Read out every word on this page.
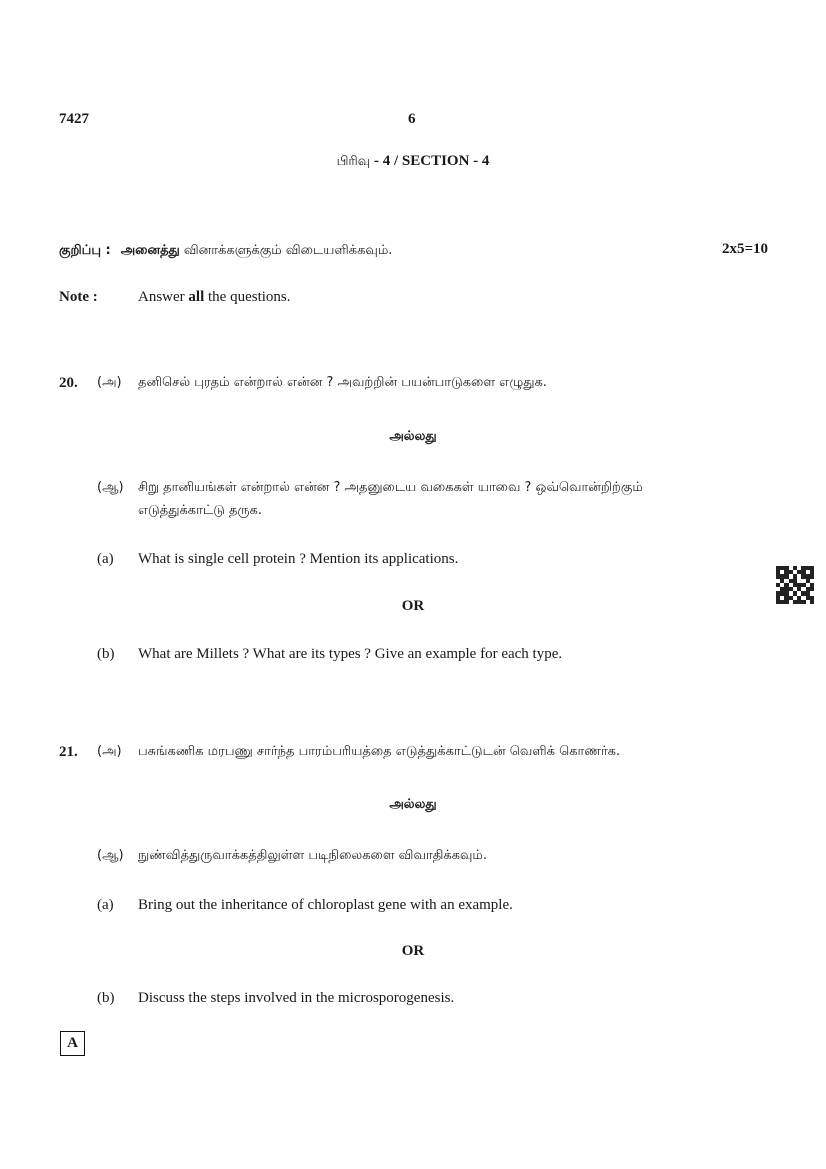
7427	6
பிரிவு - 4 / SECTION - 4
குறிப்பு : அனைத்து வினாக்களுக்கும் விடையளிக்கவும்.	2x5=10
Note :	Answer all the questions.
20. (அ) தனிசெல் புரதம் என்றால் என்ன ? அவற்றின் பயன்பாடுகளை எழுதுக.
அல்லது
(ஆ) சிறு தானியங்கள் என்றால் என்ன ? அதனுடைய வகைகள் யாவை ? ஒவ்வொன்றிற்கும்
எடுத்துக்காட்டு தருக.
(a) What is single cell protein ? Mention its applications.
OR
(b) What are Millets ? What are its types ? Give an example for each type.
21. (அ) பசுங்கணிக மரபணு சார்ந்த பாரம்பரியத்தை எடுத்துக்காட்டுடன் வெளிக் கொணர்க.
அல்லது
(ஆ) நுண்வித்துருவாக்கத்திலுள்ள படிநிலைகளை விவாதிக்கவும்.
(a) Bring out the inheritance of chloroplast gene with an example.
OR
(b) Discuss the steps involved in the microsporogenesis.
A
